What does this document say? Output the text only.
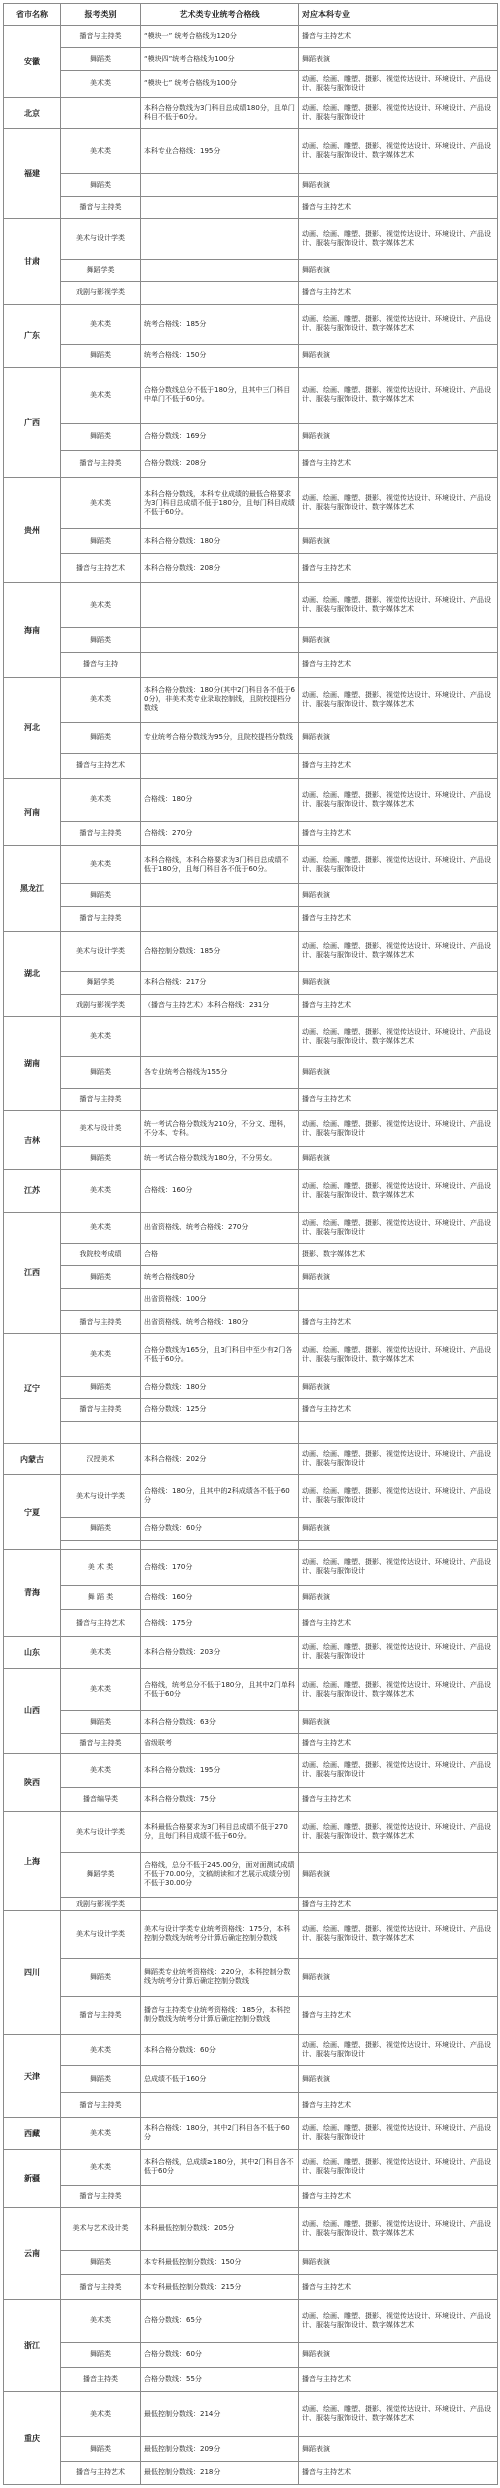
省市名称	报考类别	艺术类专业统考合格线	对应本科专业
安徽	播音与主持类	“模块一” 统考合格线为120分	播音与主持艺术
	舞蹈类	“模块四”统考合格线为100分	舞蹈表演
	美术类	“模块七” 统考合格线为100分	动画、绘画、雕塑、摄影、视觉传达设计、环境设计、产品设计、服装与服饰设计
北京		本科合格分数线为3门科目总成绩180分，且单门科目不低于60分。	动画、绘画、雕塑、摄影、视觉传达设计、环境设计、产品设计、服装与服饰设计
福建	美术类	本科专业合格线：195分	动画、绘画、雕塑、摄影、视觉传达设计、环境设计、产品设计、服装与服饰设计、数字媒体艺术
	舞蹈类		舞蹈表演
	播音与主持类		播音与主持艺术
甘肃	美术与设计学类		动画、绘画、雕塑、摄影、视觉传达设计、环境设计、产品设计、服装与服饰设计、数字媒体艺术
	舞蹈学类		舞蹈表演
	戏剧与影视学类		播音与主持艺术
广东	美术类	统考合格线：185分	动画、绘画、雕塑、摄影、视觉传达设计、环境设计、产品设计、服装与服饰设计、数字媒体艺术
	舞蹈类	统考合格线：150分	舞蹈表演
广西	美术类	合格分数线总分不低于180分，且其中三门科目中单门不低于60分。	动画、绘画、雕塑、摄影、视觉传达设计、环境设计、产品设计、服装与服饰设计、数字媒体艺术
	舞蹈类	合格分数线：169分	舞蹈表演
	播音与主持类	合格分数线：208分	播音与主持艺术
贵州	美术类	本科合格分数线，本科专业成绩的最低合格要求为3门科目总成绩不低于180分，且每门科目成绩不低于60分。	动画、绘画、雕塑、摄影、视觉传达设计、环境设计、产品设计、服装与服饰设计、数字媒体艺术
	舞蹈类	本科合格分数线：180分	舞蹈表演
	播音与主持艺术	本科合格分数线：208分	播音与主持艺术
海南	美术类		动画、绘画、雕塑、摄影、视觉传达设计、环境设计、产品设计、服装与服饰设计、数字媒体艺术
	舞蹈类		舞蹈表演
	播音与主持		播音与主持艺术
河北	美术类	本科合格分数线：180分(其中2门科目各不低于60分)，非美术类专业录取控制线，且院校提档分数线	动画、绘画、雕塑、摄影、视觉传达设计、环境设计、产品设计、服装与服饰设计、数字媒体艺术
	舞蹈类	专业统考合格分数线为95分，且院校提档分数线	舞蹈表演
	播音与主持艺术		播音与主持艺术
河南	美术类	合格线：180分	动画、绘画、雕塑、摄影、视觉传达设计、环境设计、产品设计、服装与服饰设计、数字媒体艺术
	播音与主持类	合格线：270分	播音与主持艺术
黑龙江	美术类	本科合格线，本科合格要求为3门科目总成绩不低于180分，且每门科目各不低于60分。	动画、绘画、雕塑、摄影、视觉传达设计、环境设计、产品设计、服装与服饰设计
	舞蹈类		舞蹈表演
	播音与主持类		播音与主持艺术
湖北	美术与设计学类	合格控制分数线：185分	动画、绘画、雕塑、摄影、视觉传达设计、环境设计、产品设计、服装与服饰设计、数字媒体艺术
	舞蹈学类	本科合格线：217分	舞蹈表演
	戏剧与影视学类	（播音与主持艺术）本科合格线：231分	播音与主持艺术
湖南	美术类		动画、绘画、雕塑、摄影、视觉传达设计、环境设计、产品设计、服装与服饰设计、数字媒体艺术
	舞蹈类	各专业统考合格线为155分	舞蹈表演
	播音与主持类		播音与主持艺术
吉林	美术与设计类	统一考试合格分数线为210分，不分文、理科，不分本、专科。	动画、绘画、雕塑、摄影、视觉传达设计、环境设计、产品设计、服装与服饰设计
	舞蹈类	统一考试合格分数线为180分，不分男女。	舞蹈表演
江苏	美术类	合格线：160分	动画、绘画、雕塑、摄影、视觉传达设计、环境设计、产品设计、服装与服饰设计、数字媒体艺术
江西	美术类	出省资格线、统考合格线：270分	动画、绘画、雕塑、摄影、视觉传达设计、环境设计、产品设计、服装与服饰设计
	我院校考成绩	合格	摄影、数字媒体艺术
	舞蹈类	统考合格线80分	舞蹈表演
		出省资格线：100分	
	播音与主持类	出省资格线、统考合格线：180分	播音与主持艺术
辽宁	美术类	合格分数线为165分，且3门科目中至少有2门各不低于60分。	动画、绘画、雕塑、摄影、视觉传达设计、环境设计、产品设计、服装与服饰设计、数字媒体艺术
	舞蹈类	合格分数线：180分	舞蹈表演
	播音与主持类	合格分数线：125分	播音与主持艺术

内蒙古	汉授美术	本科合格线：202分	动画、绘画、雕塑、摄影、视觉传达设计、环境设计、产品设计、服装与服饰设计
宁夏	美术与设计学类	合格线：180分，且其中的2科成绩各不低于60分	动画、绘画、雕塑、摄影、视觉传达设计、环境设计、产品设计、服装与服饰设计
	舞蹈类	合格分数线：60分	舞蹈表演

青海	美 术 类	合格线：170分	动画、绘画、雕塑、摄影、视觉传达设计、环境设计、产品设计、服装与服饰设计
	舞 蹈 类	合格线：160分	舞蹈表演
	播音与主持艺术	合格线：175分	播音与主持艺术
山东	美术类	本科合格分数线：203分	动画、绘画、雕塑、摄影、视觉传达设计、环境设计、产品设计、服装与服饰设计
山西	美术类	合格线，统考总分不低于180分，且其中2门单科不低于60分	动画、绘画、雕塑、摄影、视觉传达设计、环境设计、产品设计、服装与服饰设计、数字媒体艺术
	舞蹈类	本科合格分数线：63分	舞蹈表演
	播音与主持类	省级联考	播音与主持艺术
陕西	美术类	本科合格分数线：195分	动画、绘画、雕塑、摄影、视觉传达设计、环境设计、产品设计、服装与服饰设计
	播音编导类	本科合格分数线：75分	播音与主持艺术
上海	美术与设计学类	本科最低合格要求为3门科目总成绩不低于270分，且每门科目成绩不低于60分。	动画、绘画、雕塑、摄影、视觉传达设计、环境设计、产品设计、服装与服饰设计、数字媒体艺术
	舞蹈学类	合格线，总分不低于245.00分，面对面测试成绩不低于70.00分，文稿朗读和才艺展示成绩分别不低于30.00分	舞蹈表演
	戏剧与影视学类		播音与主持艺术
四川	美术与设计学类	美术与设计学类专业统考资格线：175分，本科控制分数线为统考分计算后确定控制分数线	动画、绘画、雕塑、摄影、视觉传达设计、环境设计、产品设计、服装与服饰设计、数字媒体艺术
	舞蹈类	舞蹈类专业统考资格线：220分，本科控制分数线为统考分计算后确定控制分数线	舞蹈表演
	播音与主持类	播音与主持类专业统考资格线：185分，本科控制分数线为统考分计算后确定控制分数线	播音与主持艺术
天津	美术类	本科合格分数线：60分	动画、绘画、雕塑、摄影、视觉传达设计、环境设计、产品设计、服装与服饰设计
	舞蹈类	总成绩不低于160分	舞蹈表演
	播音与主持类		播音与主持艺术
西藏	美术类	本科合格线：180分，其中2门科目各不低于60分	动画、绘画、雕塑、摄影、视觉传达设计、环境设计、产品设计、服装与服饰设计
新疆	美术类	本科合格线，总成绩≥180分，其中2门科目各不低于60分	动画、绘画、雕塑、摄影、视觉传达设计、环境设计、产品设计、服装与服饰设计
	播音与主持类		播音与主持艺术
云南	美术与艺术设计类	本科最低控制分数线：205分	动画、绘画、雕塑、摄影、视觉传达设计、环境设计、产品设计、服装与服饰设计、数字媒体艺术
	舞蹈类	本专科最低控制分数线：150分	舞蹈表演
	播音与主持类	本专科最低控制分数线：215分	播音与主持艺术
浙江	美术类	合格分数线：65分	动画、绘画、雕塑、摄影、视觉传达设计、环境设计、产品设计、服装与服饰设计、数字媒体艺术
	舞蹈类	合格分数线：60分	舞蹈表演
	播音主持类	合格分数线：55分	播音与主持艺术
重庆	美术类	最低控制分数线：214分	动画、绘画、雕塑、摄影、视觉传达设计、环境设计、产品设计、服装与服饰设计、数字媒体艺术
	舞蹈类	最低控制分数线：209分	舞蹈表演
	播音与主持艺术	最低控制分数线：218分	播音与主持艺术
